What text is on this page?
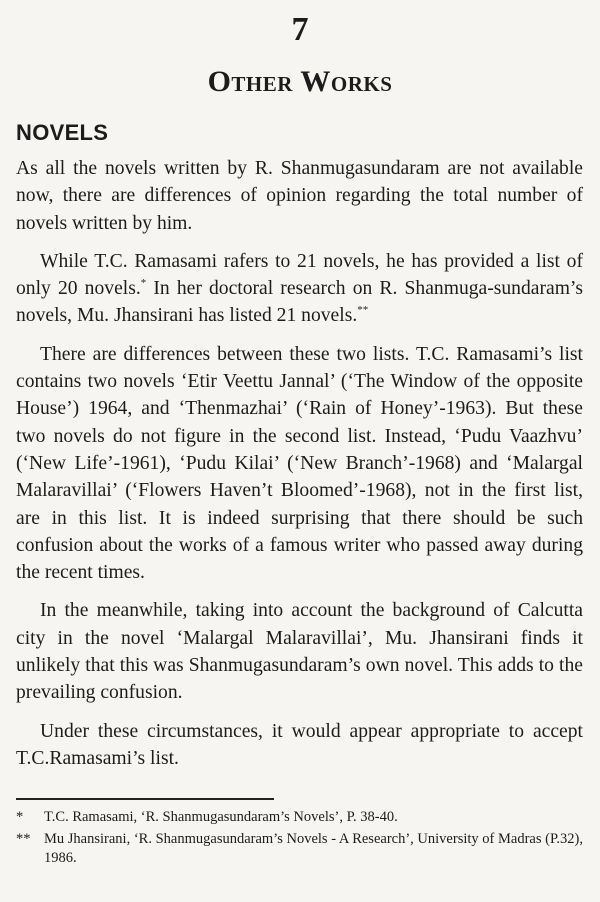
7
Other Works
NOVELS

As all the novels written by R. Shanmugasundaram are not available now, there are differences of opinion regarding the total number of novels written by him.

While T.C. Ramasami rafers to 21 novels, he has provided a list of only 20 novels.* In her doctoral research on R. Shanmuga-sundaram’s novels, Mu. Jhansirani has listed 21 novels.**

There are differences between these two lists. T.C. Ramasami’s list contains two novels ‘Etir Veettu Jannal’ (‘The Window of the opposite House’) 1964, and ‘Thenmazhai’ (‘Rain of Honey’-1963). But these two novels do not figure in the second list. Instead, ‘Pudu Vaazhvu’ (‘New Life’-1961), ‘Pudu Kilai’ (‘New Branch’-1968) and ‘Malargal Malaravillai’ (‘Flowers Haven’t Bloomed’-1968), not in the first list, are in this list. It is indeed surprising that there should be such confusion about the works of a famous writer who passed away during the recent times.

In the meanwhile, taking into account the background of Calcutta city in the novel ‘Malargal Malaravillai’, Mu. Jhansirani finds it unlikely that this was Shanmugasundaram’s own novel. This adds to the prevailing confusion.

Under these circumstances, it would appear appropriate to accept T.C.Ramasami’s list.

*	T.C. Ramasami, ‘R. Shanmugasundaram’s Novels’, P. 38-40.
** Mu Jhansirani, ‘R. Shanmugasundaram’s Novels - A Research’, University of Madras (P.32), 1986.
